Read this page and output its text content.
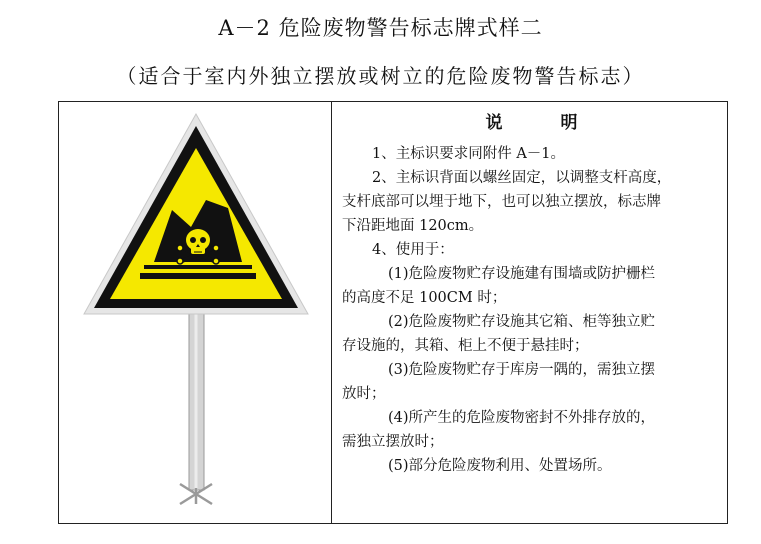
A－2 危险废物警告标志牌式样二
（适合于室内外独立摆放或树立的危险废物警告标志）
说 明
1、主标识要求同附件 A－1。
2、主标识背面以螺丝固定，以调整支杆高度，
支杆底部可以埋于地下，也可以独立摆放，标志牌
下沿距地面 120cm。
4、使用于：
(1)危险废物贮存设施建有围墙或防护栅栏
的高度不足 100CM 时；
(2)危险废物贮存设施其它箱、柜等独立贮
存设施的，其箱、柜上不便于悬挂时；
(3)危险废物贮存于库房一隅的，需独立摆
放时；
(4)所产生的危险废物密封不外排存放的，
需独立摆放时；
(5)部分危险废物利用、处置场所。
